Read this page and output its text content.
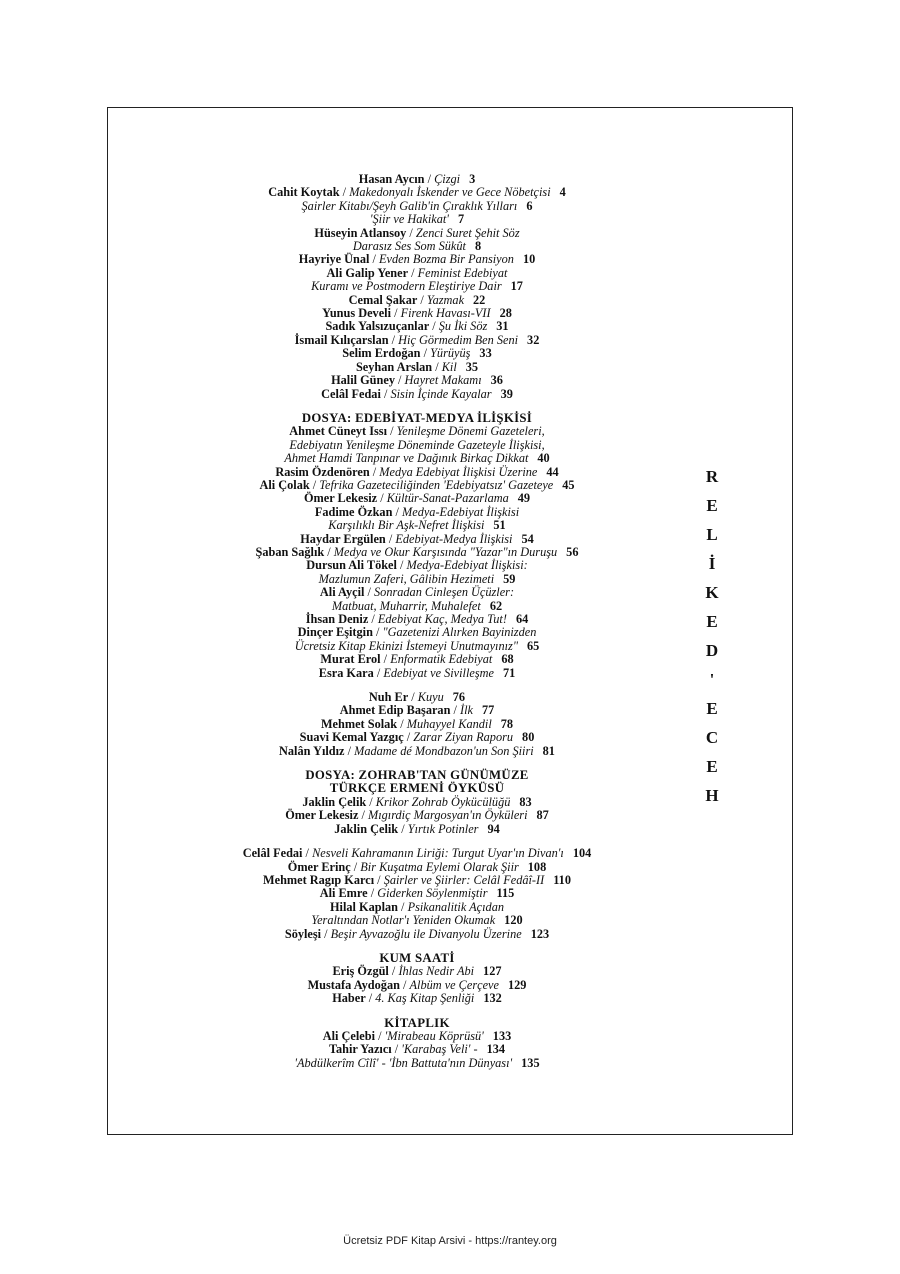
Hasan Aycın / Çizgi 3
Cahit Koytak / Makedonyalı İskender ve Gece Nöbetçisi 4
Şairler Kitabı/Şeyh Galib'in Çıraklık Yılları 6
'Şiir ve Hakikat' 7
Hüseyin Atlansoy / Zenci Suret Şehit Söz
Darasız Ses Som Sükût 8
Hayriye Ünal / Evden Bozma Bir Pansiyon 10
Ali Galip Yener / Feminist Edebiyat
Kuramı ve Postmodern Eleştiriye Dair 17
Cemal Şakar / Yazmak 22
Yunus Develi / Firenk Havası-VII 28
Sadık Yalsızuçanlar / Şu İki Söz 31
İsmail Kılıçarslan / Hiç Görmedim Ben Seni 32
Selim Erdoğan / Yürüyüş 33
Seyhan Arslan / Kil 35
Halil Güney / Hayret Makamı 36
Celâl Fedai / Sisin İçinde Kayalar 39
DOSYA: EDEBİYAT-MEDYA İLİŞKİSİ
Ahmet Cüneyt Issı / Yenileşme Dönemi Gazeteleri,
Edebiyatın Yenileşme Döneminde Gazeteyle İlişkisi,
Ahmet Hamdi Tanpınar ve Dağınık Birkaç Dikkat 40
Rasim Özdenören / Medya Edebiyat İlişkisi Üzerine 44
Ali Çolak / Tefrika Gazeteciliğinden 'Edebiyatsız' Gazeteye 45
Ömer Lekesiz / Kültür-Sanat-Pazarlama 49
Fadime Özkan / Medya-Edebiyat İlişkisi
Karşılıklı Bir Aşk-Nefret İlişkisi 51
Haydar Ergülen / Edebiyat-Medya İlişkisi 54
Şaban Sağlık / Medya ve Okur Karşısında "Yazar"ın Duruşu 56
Dursun Ali Tökel / Medya-Edebiyat İlişkisi:
Mazlumun Zaferi, Gâlibin Hezimeti 59
Ali Ayçil / Sonradan Cinleşen Üçüzler:
Matbuat, Muharrir, Muhalefet 62
İhsan Deniz / Edebiyat Kaç, Medya Tut! 64
Dinçer Eşitgin / "Gazetenizi Alırken Bayinizden
Ücretsiz Kitap Ekinizi İstemeyi Unutmayınız" 65
Murat Erol / Enformatik Edebiyat 68
Esra Kara / Edebiyat ve Sivilleşme 71
Nuh Er / Kuyu 76
Ahmet Edip Başaran / İlk 77
Mehmet Solak / Muhayyel Kandil 78
Suavi Kemal Yazgıç / Zarar Ziyan Raporu 80
Nalân Yıldız / Madame dé Mondbazon'un Son Şiiri 81
DOSYA: ZOHRAB'TAN GÜNÜMÜZE
TÜRKÇE ERMENİ ÖYKÜSÜ
Jaklin Çelik / Krikor Zohrab Öykücülüğü 83
Ömer Lekesiz / Mıgırdiç Margosyan'ın Öyküleri 87
Jaklin Çelik / Yırtık Potinler 94
Celâl Fedai / Nesveli Kahramanın Liriği: Turgut Uyar'ın Divan'ı 104
Ömer Erinç / Bir Kuşatma Eylemi Olarak Şiir 108
Mehmet Ragıp Karcı / Şairler ve Şiirler: Celâl Fedâî-II 110
Ali Emre / Giderken Söylenmiştir 115
Hilal Kaplan / Psikanalitik Açıdan
Yeraltından Notlar'ı Yeniden Okumak 120
Söyleşi / Beşir Ayvazoğlu ile Divanyolu Üzerine 123
KUM SAATİ
Eriş Özgül / İhlas Nedir Abi 127
Mustafa Aydoğan / Albüm ve Çerçeve 129
Haber / 4. Kaş Kitap Şenliği 132
KİTAPLIK
Ali Çelebi / 'Mirabeau Köprüsü' 133
Tahir Yazıcı / 'Karabaş Veli' - 134
'Abdülkerîm Cîlî' - 'İbn Battuta'nın Dünyası' 135
R
E
L
İ
K
E
D
'
E
C
E
H
Ücretsiz PDF Kitap Arsivi - https://rantey.org
